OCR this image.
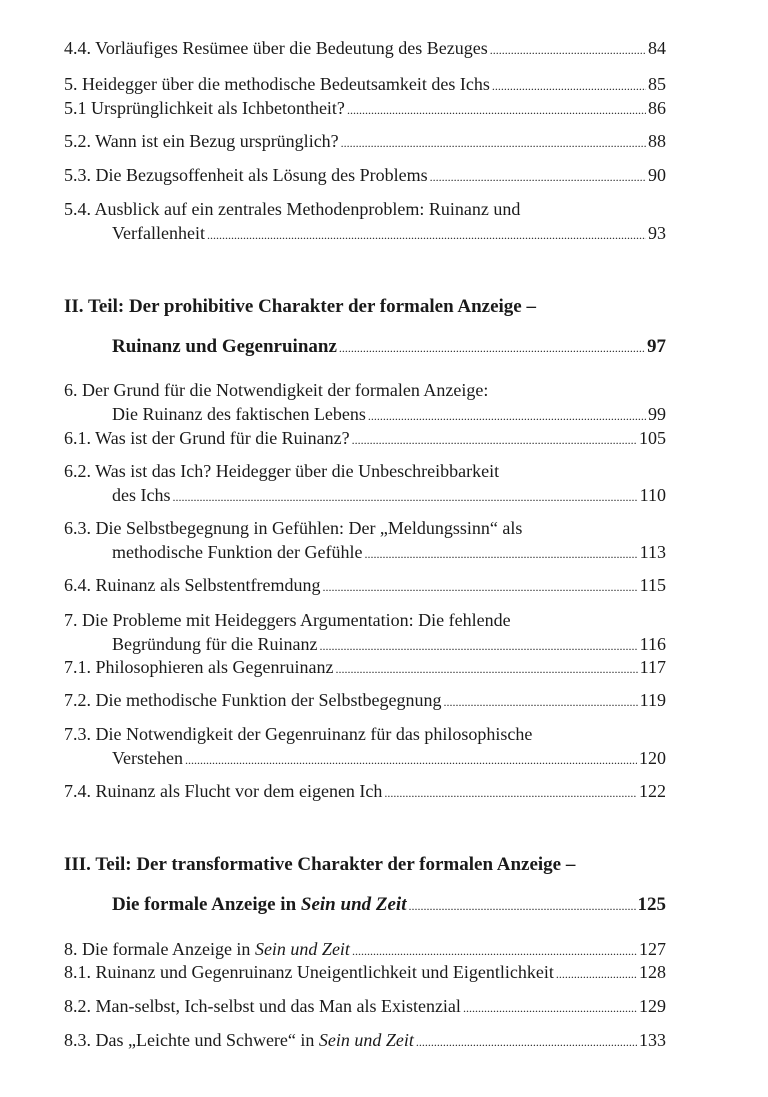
4.4. Vorläufiges Resümee über die Bedeutung des Bezuges .....	84
5. Heidegger über die methodische Bedeutsamkeit des Ichs .....	85
5.1 Ursprünglichkeit als Ichbetontheit? .....	86
5.2. Wann ist ein Bezug ursprünglich? .....	88
5.3. Die Bezugsoffenheit als Lösung des Problems .....	90
5.4. Ausblick auf ein zentrales Methodenproblem: Ruinanz und
Verfallenheit .....	93
II. Teil: Der prohibitive Charakter der formalen Anzeige –
Ruinanz und Gegenruinanz .....	97
6. Der Grund für die Notwendigkeit der formalen Anzeige:
Die Ruinanz des faktischen Lebens .....	99
6.1. Was ist der Grund für die Ruinanz? .....	105
6.2. Was ist das Ich? Heidegger über die Unbeschreibbarkeit
des Ichs .....	110
6.3. Die Selbstbegegnung in Gefühlen: Der „Meldungssinn“ als
methodische Funktion der Gefühle .....	113
6.4. Ruinanz als Selbstentfremdung .....	115
7. Die Probleme mit Heideggers Argumentation: Die fehlende
Begründung für die Ruinanz .....	116
7.1. Philosophieren als Gegenruinanz .....	117
7.2. Die methodische Funktion der Selbstbegegnung .....	119
7.3. Die Notwendigkeit der Gegenruinanz für das philosophische
Verstehen .....	120
7.4. Ruinanz als Flucht vor dem eigenen Ich .....	122
III. Teil: Der transformative Charakter der formalen Anzeige –
Die formale Anzeige in Sein und Zeit .....	125
8. Die formale Anzeige in Sein und Zeit .....	127
8.1. Ruinanz und Gegenruinanz Uneigentlichkeit und Eigentlichkeit .....	128
8.2. Man-selbst, Ich-selbst und das Man als Existenzial .....	129
8.3. Das „Leichte und Schwere“ in Sein und Zeit .....	133
